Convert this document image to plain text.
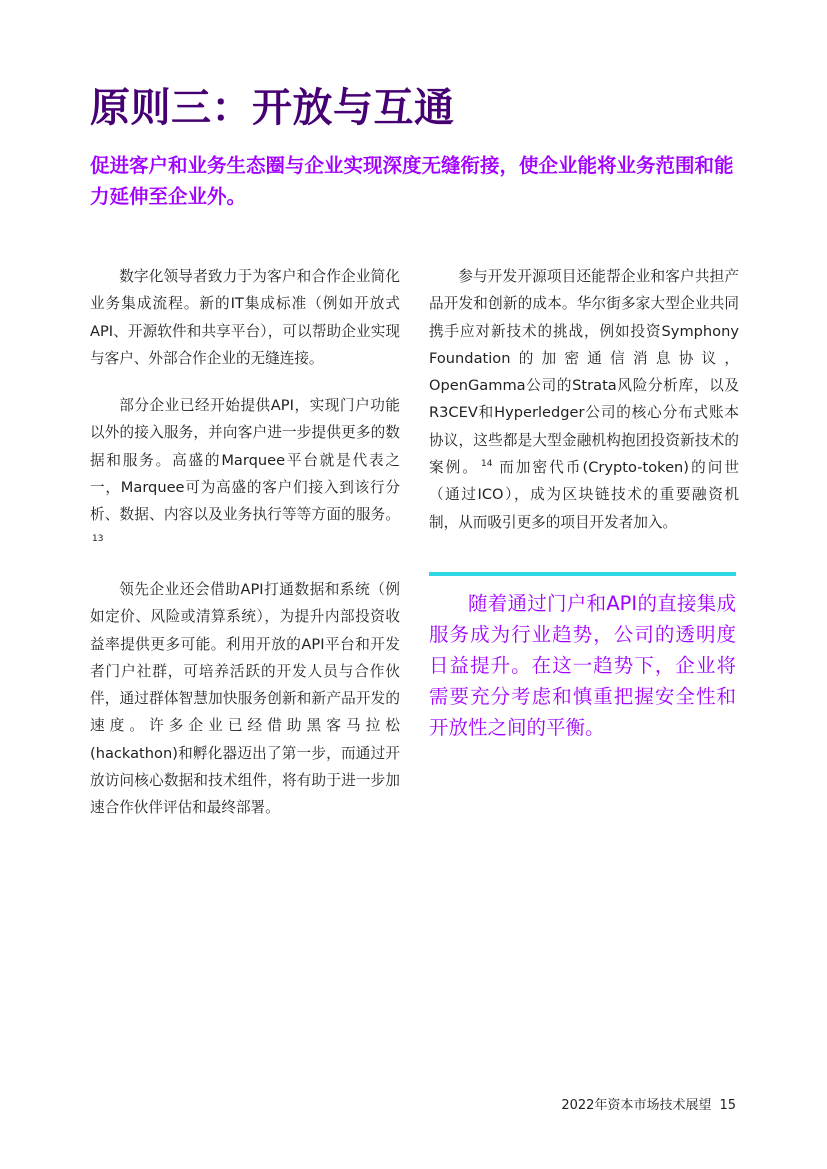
原则三：开放与互通

促进客户和业务生态圈与企业实现深度无缝衔接，使企业能将业务范围和能力延伸至企业外。

数字化领导者致力于为客户和合作企业简化业务集成流程。新的IT集成标准（例如开放式API、开源软件和共享平台），可以帮助企业实现与客户、外部合作企业的无缝连接。

部分企业已经开始提供API，实现门户功能以外的接入服务，并向客户进一步提供更多的数据和服务。高盛的Marquee平台就是代表之一，Marquee可为高盛的客户们接入到该行分析、数据、内容以及业务执行等等方面的服务。$^{13}$

领先企业还会借助API打通数据和系统（例如定价、风险或清算系统），为提升内部投资收益率提供更多可能。利用开放的API平台和开发者门户社群，可培养活跃的开发人员与合作伙伴，通过群体智慧加快服务创新和新产品开发的速度。许多企业已经借助黑客马拉松(hackathon)和孵化器迈出了第一步，而通过开放访问核心数据和技术组件，将有助于进一步加速合作伙伴评估和最终部署。

参与开发开源项目还能帮企业和客户共担产品开发和创新的成本。华尔街多家大型企业共同携手应对新技术的挑战，例如投资Symphony Foundation的加密通信消息协议，OpenGamma公司的Strata风险分析库，以及R3CEV和Hyperledger公司的核心分布式账本协议，这些都是大型金融机构抱团投资新技术的案例。 $^{14}$ 而加密代币(Crypto-token)的问世（通过ICO），成为区块链技术的重要融资机制，从而吸引更多的项目开发者加入。

随着通过门户和API的直接集成服务成为行业趋势，公司的透明度日益提升。在这一趋势下，企业将需要充分考虑和慎重把握安全性和开放性之间的平衡。

2022年资本市场技术展望 15
